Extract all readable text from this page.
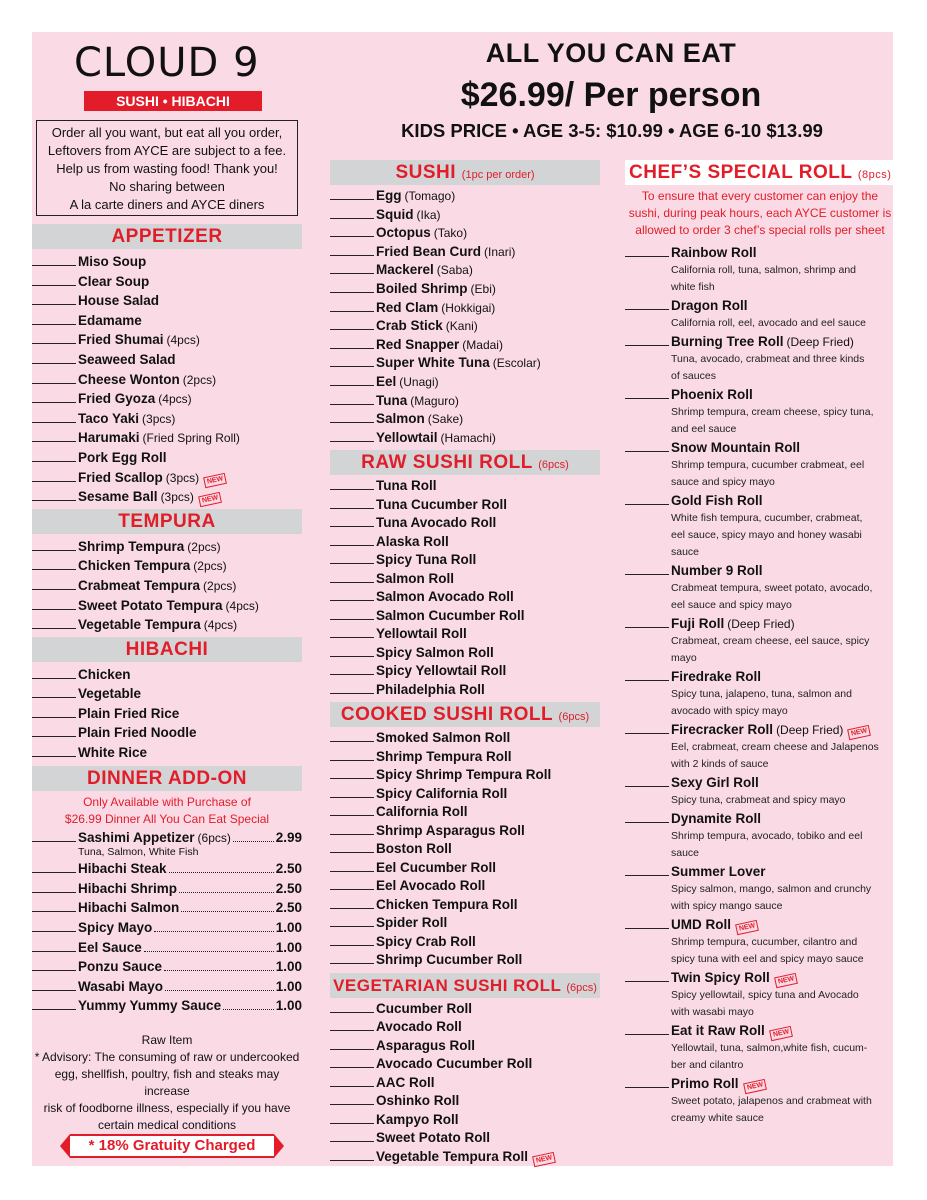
ALL YOU CAN EAT
$26.99/ Per person
KIDS PRICE • AGE 3-5: $10.99 • AGE 6-10 $13.99
CLOUD 9
SUSHI • HIBACHI
Order all you want, but eat all you order,
Leftovers from AYCE are subject to a fee.
Help us from wasting food! Thank you!
No sharing between
A la carte diners and AYCE diners
APPETIZER
Miso Soup
Clear Soup
House Salad
Edamame
Fried Shumai (4pcs)
Seaweed Salad
Cheese Wonton (2pcs)
Fried Gyoza (4pcs)
Taco Yaki (3pcs)
Harumaki (Fried Spring Roll)
Pork Egg Roll
Fried Scallop (3pcs)	NEW
Sesame Ball (3pcs)	NEW
TEMPURA
Shrimp Tempura (2pcs)
Chicken Tempura (2pcs)
Crabmeat Tempura (2pcs)
Sweet Potato Tempura (4pcs)
Vegetable Tempura (4pcs)
HIBACHI
Chicken
Vegetable
Plain Fried Rice
Plain Fried Noodle
White Rice
DINNER ADD-ON
Only Available with Purchase of
$26.99 Dinner All You Can Eat Special
Sashimi Appetizer (6pcs)	2.99
Tuna, Salmon, White Fish
Hibachi Steak	2.50
Hibachi Shrimp	2.50
Hibachi Salmon	2.50
Spicy Mayo	1.00
Eel Sauce	1.00
Ponzu Sauce	1.00
Wasabi Mayo	1.00
Yummy Yummy Sauce	1.00
Raw Item
* Advisory: The consuming of raw or undercooked
egg, shellfish, poultry, fish and steaks may increase
risk of foodborne illness, especially if you have
certain medical conditions
* 18% Gratuity Charged
SUSHI (1pc per order)
Egg (Tomago)
Squid (Ika)
Octopus (Tako)
Fried Bean Curd (Inari)
Mackerel (Saba)
Boiled Shrimp (Ebi)
Red Clam (Hokkigai)
Crab Stick (Kani)
Red Snapper (Madai)
Super White Tuna (Escolar)
Eel (Unagi)
Tuna (Maguro)
Salmon (Sake)
Yellowtail (Hamachi)
RAW SUSHI ROLL (6pcs)
Tuna Roll
Tuna Cucumber Roll
Tuna Avocado Roll
Alaska Roll
Spicy Tuna Roll
Salmon Roll
Salmon Avocado Roll
Salmon Cucumber Roll
Yellowtail Roll
Spicy Salmon Roll
Spicy Yellowtail Roll
Philadelphia Roll
COOKED SUSHI ROLL (6pcs)
Smoked Salmon Roll
Shrimp Tempura Roll
Spicy Shrimp Tempura Roll
Spicy California Roll
California Roll
Shrimp Asparagus Roll
Boston Roll
Eel Cucumber Roll
Eel Avocado Roll
Chicken Tempura Roll
Spider Roll
Spicy Crab Roll
Shrimp Cucumber Roll
VEGETARIAN SUSHI ROLL (6pcs)
Cucumber Roll
Avocado Roll
Asparagus Roll
Avocado Cucumber Roll
AAC Roll
Oshinko Roll
Kampyo Roll
Sweet Potato Roll
Vegetable Tempura Roll	NEW
CHEF’S SPECIAL ROLL (8pcs)
To ensure that every customer can enjoy the
sushi, during peak hours, each AYCE customer is
allowed to order 3 chef’s special rolls per sheet
Rainbow Roll
California roll, tuna, salmon, shrimp and
white fish
Dragon Roll
California roll, eel, avocado and eel sauce
Burning Tree Roll (Deep Fried)
Tuna, avocado, crabmeat and three kinds
of sauces
Phoenix Roll
Shrimp tempura, cream cheese, spicy tuna,
and eel sauce
Snow Mountain Roll
Shrimp tempura, cucumber crabmeat, eel
sauce and spicy mayo
Gold Fish Roll
White fish tempura, cucumber, crabmeat,
eel sauce, spicy mayo and honey wasabi
sauce
Number 9 Roll
Crabmeat tempura, sweet potato, avocado,
eel sauce and spicy mayo
Fuji Roll (Deep Fried)
Crabmeat, cream cheese, eel sauce, spicy
mayo
Firedrake Roll
Spicy tuna, jalapeno, tuna, salmon and
avocado with spicy mayo
Firecracker Roll (Deep Fried)	NEW
Eel, crabmeat, cream cheese and Jalapenos
with 2 kinds of sauce
Sexy Girl Roll
Spicy tuna, crabmeat and spicy mayo
Dynamite Roll
Shrimp tempura, avocado, tobiko and eel
sauce
Summer Lover
Spicy salmon, mango, salmon and crunchy
with spicy mango sauce
UMD Roll	NEW
Shrimp tempura, cucumber, cilantro and
spicy tuna with eel and spicy mayo sauce
Twin Spicy Roll	NEW
Spicy yellowtail, spicy tuna and Avocado
with wasabi mayo
Eat it Raw Roll	NEW
Yellowtail, tuna, salmon,white fish, cucum-
ber and cilantro
Primo Roll	NEW
Sweet potato, jalapenos and crabmeat with
creamy white sauce
